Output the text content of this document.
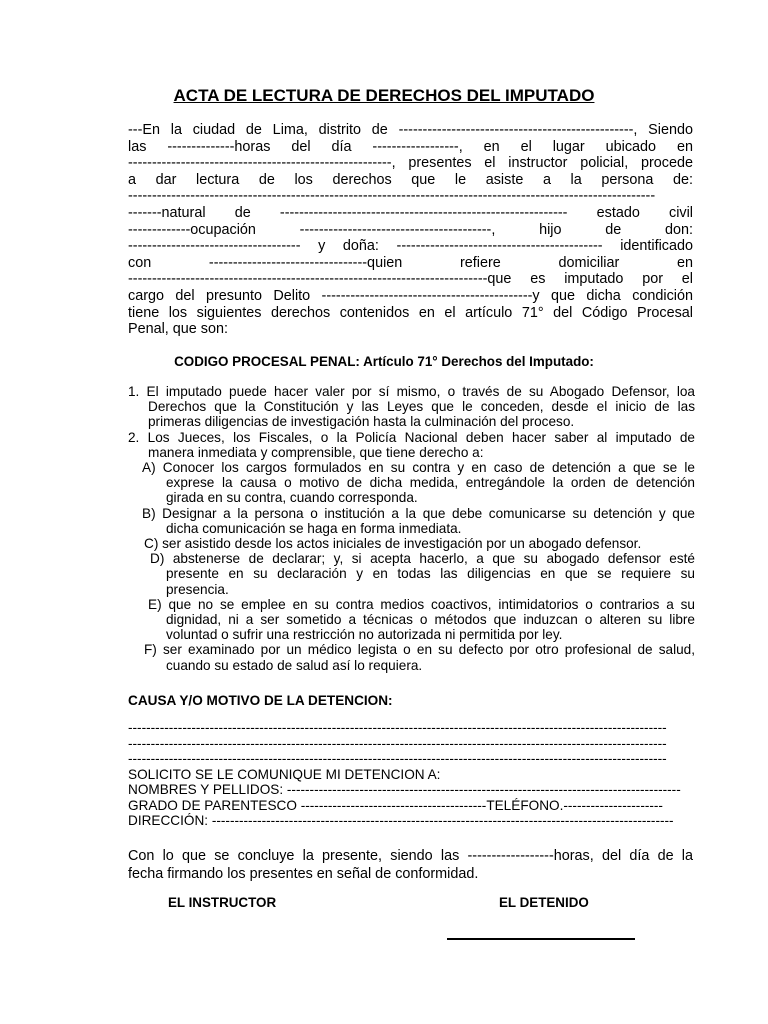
ACTA DE LECTURA DE DERECHOS DEL IMPUTADO
---En la ciudad de Lima, distrito de -------------------------------------------------, Siendo
las --------------horas del día ------------------, en el lugar ubicado en
-------------------------------------------------------, presentes el instructor policial, procede
a dar lectura de los derechos que le asiste a la persona de:
--------------------------------------------------------------------------------------------------------------
-------natural de ------------------------------------------------------------ estado civil
-------------ocupación ----------------------------------------, hijo de don:
------------------------------------ y doña: ------------------------------------------- identificado
con ---------------------------------quien refiere domiciliar en
---------------------------------------------------------------------------que es imputado por el
cargo del presunto Delito --------------------------------------------y que dicha condición
tiene los siguientes derechos contenidos en el artículo 71° del Código Procesal
Penal, que son:
CODIGO PROCESAL PENAL: Artículo 71° Derechos del Imputado:
1. El imputado puede hacer valer por sí mismo, o través de su Abogado Defensor, loa
Derechos que la Constitución y las Leyes que le conceden, desde el inicio de las
primeras diligencias de investigación hasta la culminación del proceso.
2. Los Jueces, los Fiscales, o la Policía Nacional deben hacer saber al imputado de
manera inmediata y comprensible, que tiene derecho a:
A) Conocer los cargos formulados en su contra y en caso de detención a que se le
exprese la causa o motivo de dicha medida, entregándole la orden de detención
girada en su contra, cuando corresponda.
B) Designar a la persona o institución a la que debe comunicarse su detención y que
dicha comunicación se haga en forma inmediata.
C) ser asistido desde los actos iniciales de investigación por un abogado defensor.
D) abstenerse de declarar; y, si acepta hacerlo, a que su abogado defensor esté
presente en su declaración y en todas las diligencias en que se requiere su
presencia.
E) que no se emplee en su contra medios coactivos, intimidatorios o contrarios a su
dignidad, ni a ser sometido a técnicas o métodos que induzcan o alteren su libre
voluntad o sufrir una restricción no autorizada ni permitida por ley.
F) ser examinado por un médico legista o en su defecto por otro profesional de salud,
cuando su estado de salud así lo requiera.
CAUSA Y/O MOTIVO DE LA DETENCION:
-----------------------------------------------------------------------------------------------------------------------
-----------------------------------------------------------------------------------------------------------------------
-----------------------------------------------------------------------------------------------------------------------
SOLICITO SE LE COMUNIQUE MI DETENCION A:
NOMBRES Y PELLIDOS: ---------------------------------------------------------------------------------------
GRADO DE PARENTESCO -----------------------------------------TELÉFONO.----------------------
DIRECCIÓN: ------------------------------------------------------------------------------------------------------
Con lo que se concluye la presente, siendo las ------------------horas, del día de la
fecha firmando los presentes en señal de conformidad.
EL INSTRUCTOR	EL DETENIDO
